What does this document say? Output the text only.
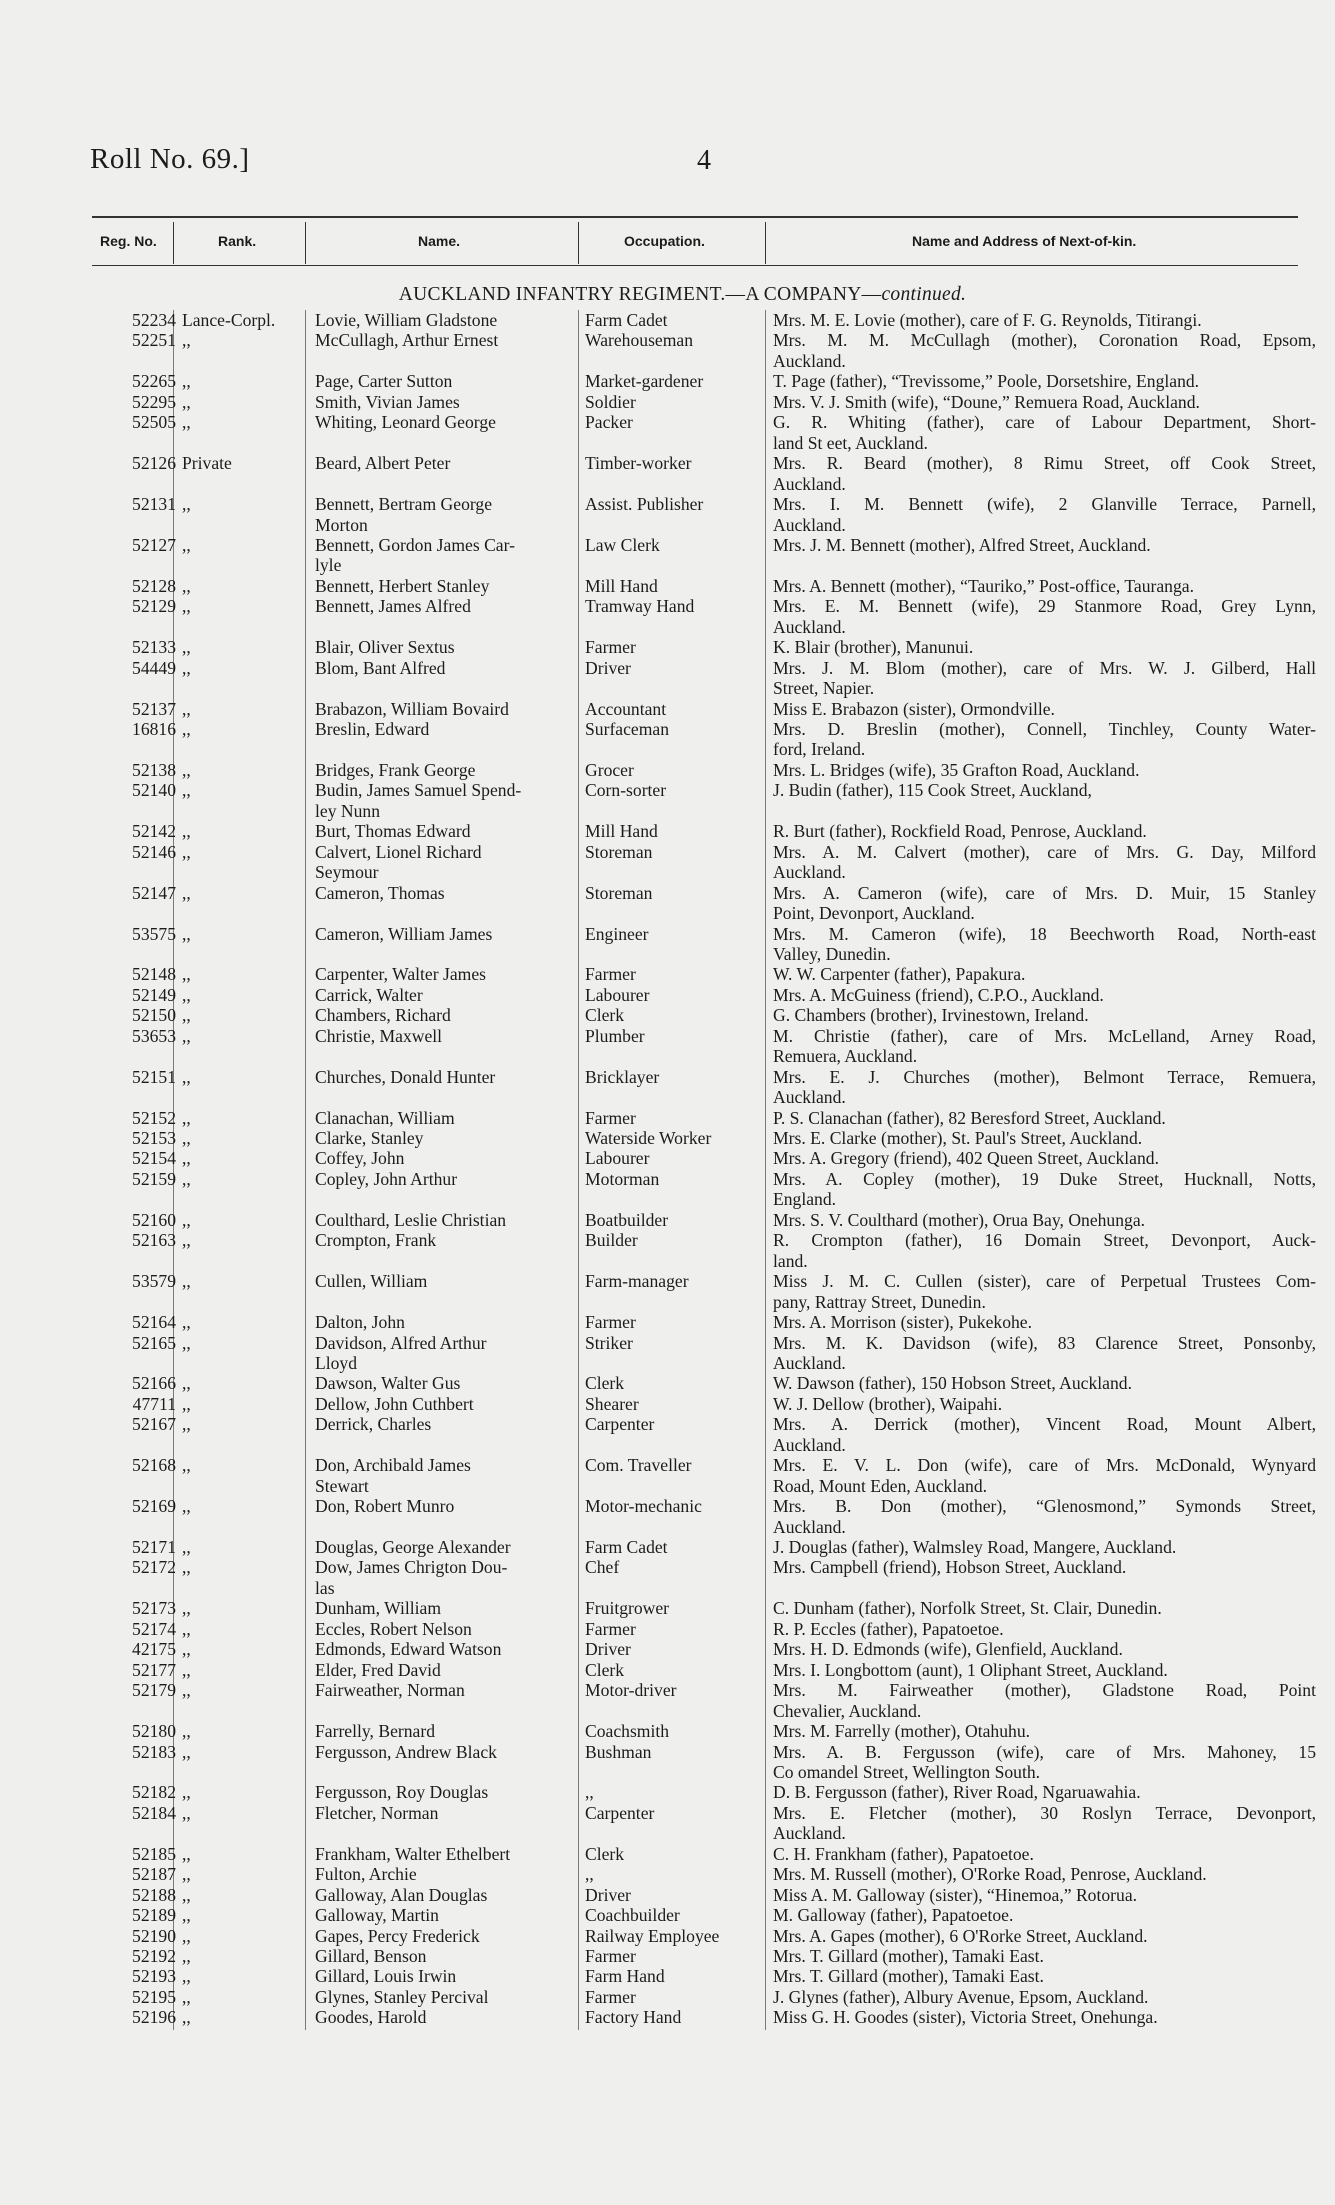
Roll No. 69.]	4
Reg. No.	Rank.	Name.	Occupation.	Name and Address of Next-of-kin.
AUCKLAND INFANTRY REGIMENT.—A COMPANY—continued.
52234 Lance-Corpl.	Lovie, William Gladstone	Farm Cadet	Mrs. M. E. Lovie (mother), care of F. G. Reynolds, Titirangi.
52251 ,,	McCullagh, Arthur Ernest	Warehouseman	Mrs. M. M. McCullagh (mother), Coronation Road, Epsom,
Auckland.
52265 ,,	Page, Carter Sutton	Market-gardener	T. Page (father), “Trevissome,” Poole, Dorsetshire, England.
52295 ,,	Smith, Vivian James	Soldier	Mrs. V. J. Smith (wife), “Doune,” Remuera Road, Auckland.
52505 ,,	Whiting, Leonard George	Packer	G. R. Whiting (father), care of Labour Department, Short-
land St eet, Auckland.
52126 Private	Beard, Albert Peter	Timber-worker	Mrs. R. Beard (mother), 8 Rimu Street, off Cook Street,
Auckland.
52131 ,,	Bennett, Bertram George
Morton
Assist. Publisher	Mrs. I. M. Bennett (wife), 2 Glanville Terrace, Parnell,
Auckland.
52127 ,,	Bennett, Gordon James Car-
lyle
Law Clerk	Mrs. J. M. Bennett (mother), Alfred Street, Auckland.
52128 ,,	Bennett, Herbert Stanley	Mill Hand	Mrs. A. Bennett (mother), “Tauriko,” Post-office, Tauranga.
52129 ,,	Bennett, James Alfred	Tramway Hand	Mrs. E. M. Bennett (wife), 29 Stanmore Road, Grey Lynn,
Auckland.
52133 ,,	Blair, Oliver Sextus	Farmer	K. Blair (brother), Manunui.
54449 ,,	Blom, Bant Alfred	Driver	Mrs. J. M. Blom (mother), care of Mrs. W. J. Gilberd, Hall
Street, Napier.
52137 ,,	Brabazon, William Bovaird	Accountant	Miss E. Brabazon (sister), Ormondville.
16816 ,,	Breslin, Edward	Surfaceman	Mrs. D. Breslin (mother), Connell, Tinchley, County Water-
ford, Ireland.
52138 ,,	Bridges, Frank George	Grocer	Mrs. L. Bridges (wife), 35 Grafton Road, Auckland.
52140 ,,	Budin, James Samuel Spend-
ley Nunn
Corn-sorter	J. Budin (father), 115 Cook Street, Auckland,
52142 ,,	Burt, Thomas Edward	Mill Hand	R. Burt (father), Rockfield Road, Penrose, Auckland.
52146 ,,	Calvert, Lionel Richard
Seymour
Storeman	Mrs. A. M. Calvert (mother), care of Mrs. G. Day, Milford
Auckland.
52147 ,,	Cameron, Thomas	Storeman	Mrs. A. Cameron (wife), care of Mrs. D. Muir, 15 Stanley
Point, Devonport, Auckland.
53575 ,,	Cameron, William James	Engineer	Mrs. M. Cameron (wife), 18 Beechworth Road, North-east
Valley, Dunedin.
52148 ,,	Carpenter, Walter James	Farmer	W. W. Carpenter (father), Papakura.
52149 ,,	Carrick, Walter	Labourer	Mrs. A. McGuiness (friend), C.P.O., Auckland.
52150 ,,	Chambers, Richard	Clerk	G. Chambers (brother), Irvinestown, Ireland.
53653 ,,	Christie, Maxwell	Plumber	M. Christie (father), care of Mrs. McLelland, Arney Road,
Remuera, Auckland.
52151 ,,	Churches, Donald Hunter	Bricklayer	Mrs. E. J. Churches (mother), Belmont Terrace, Remuera,
Auckland.
52152 ,,	Clanachan, William	Farmer	P. S. Clanachan (father), 82 Beresford Street, Auckland.
52153 ,,	Clarke, Stanley	Waterside Worker	Mrs. E. Clarke (mother), St. Paul's Street, Auckland.
52154 ,,	Coffey, John	Labourer	Mrs. A. Gregory (friend), 402 Queen Street, Auckland.
52159 ,,	Copley, John Arthur	Motorman	Mrs. A. Copley (mother), 19 Duke Street, Hucknall, Notts,
England.
52160 ,,	Coulthard, Leslie Christian	Boatbuilder	Mrs. S. V. Coulthard (mother), Orua Bay, Onehunga.
52163 ,,	Crompton, Frank	Builder	R. Crompton (father), 16 Domain Street, Devonport, Auck-
land.
53579 ,,	Cullen, William	Farm-manager	Miss J. M. C. Cullen (sister), care of Perpetual Trustees Com-
pany, Rattray Street, Dunedin.
52164 ,,	Dalton, John	Farmer	Mrs. A. Morrison (sister), Pukekohe.
52165 ,,	Davidson, Alfred Arthur
Lloyd
Striker	Mrs. M. K. Davidson (wife), 83 Clarence Street, Ponsonby,
Auckland.
52166 ,,	Dawson, Walter Gus	Clerk	W. Dawson (father), 150 Hobson Street, Auckland.
47711 ,,	Dellow, John Cuthbert	Shearer	W. J. Dellow (brother), Waipahi.
52167 ,,	Derrick, Charles	Carpenter	Mrs. A. Derrick (mother), Vincent Road, Mount Albert,
Auckland.
52168 ,,	Don, Archibald James
Stewart
Com. Traveller	Mrs. E. V. L. Don (wife), care of Mrs. McDonald, Wynyard
Road, Mount Eden, Auckland.
52169 ,,	Don, Robert Munro	Motor-mechanic	Mrs. B. Don (mother), “Glenosmond,” Symonds Street,
Auckland.
52171 ,,	Douglas, George Alexander	Farm Cadet	J. Douglas (father), Walmsley Road, Mangere, Auckland.
52172 ,,	Dow, James Chrigton Dou-
las
Chef	Mrs. Campbell (friend), Hobson Street, Auckland.
52173 ,,	Dunham, William	Fruitgrower	C. Dunham (father), Norfolk Street, St. Clair, Dunedin.
52174 ,,	Eccles, Robert Nelson	Farmer	R. P. Eccles (father), Papatoetoe.
42175 ,,	Edmonds, Edward Watson	Driver	Mrs. H. D. Edmonds (wife), Glenfield, Auckland.
52177 ,,	Elder, Fred David	Clerk	Mrs. I. Longbottom (aunt), 1 Oliphant Street, Auckland.
52179 ,,	Fairweather, Norman	Motor-driver	Mrs. M. Fairweather (mother), Gladstone Road, Point
Chevalier, Auckland.
52180 ,,	Farrelly, Bernard	Coachsmith	Mrs. M. Farrelly (mother), Otahuhu.
52183 ,,	Fergusson, Andrew Black	Bushman	Mrs. A. B. Fergusson (wife), care of Mrs. Mahoney, 15
Co omandel Street, Wellington South.
52182 ,,	Fergusson, Roy Douglas	,,	D. B. Fergusson (father), River Road, Ngaruawahia.
52184 ,,	Fletcher, Norman	Carpenter	Mrs. E. Fletcher (mother), 30 Roslyn Terrace, Devonport,
Auckland.
52185 ,,	Frankham, Walter Ethelbert	Clerk	C. H. Frankham (father), Papatoetoe.
52187 ,,	Fulton, Archie	,,	Mrs. M. Russell (mother), O'Rorke Road, Penrose, Auckland.
52188 ,,	Galloway, Alan Douglas	Driver	Miss A. M. Galloway (sister), “Hinemoa,” Rotorua.
52189 ,,	Galloway, Martin	Coachbuilder	M. Galloway (father), Papatoetoe.
52190 ,,	Gapes, Percy Frederick	Railway Employee	Mrs. A. Gapes (mother), 6 O'Rorke Street, Auckland.
52192 ,,	Gillard, Benson	Farmer	Mrs. T. Gillard (mother), Tamaki East.
52193 ,,	Gillard, Louis Irwin	Farm Hand	Mrs. T. Gillard (mother), Tamaki East.
52195 ,,	Glynes, Stanley Percival	Farmer	J. Glynes (father), Albury Avenue, Epsom, Auckland.
52196 ,,	Goodes, Harold	Factory Hand	Miss G. H. Goodes (sister), Victoria Street, Onehunga.
